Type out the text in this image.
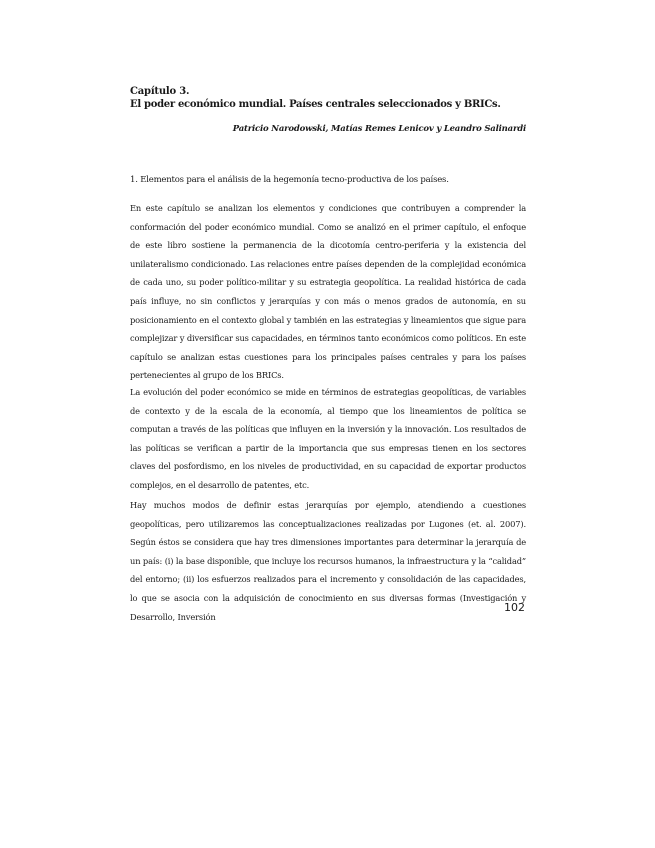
Capítulo 3.
El poder económico mundial. Países centrales seleccionados y BRICs.
Patricio Narodowski, Matías Remes Lenicov y Leandro Salinardi
1. Elementos para el análisis de la hegemonía tecno-productiva de los países.

En este capítulo se analizan los elementos y condiciones que contribuyen a comprender la conformación del poder económico mundial. Como se analizó en el primer capítulo, el enfoque de este libro sostiene la permanencia de la dicotomía centro-periferia y la existencia del unilateralismo condicionado. Las relaciones entre países dependen de la complejidad económica de cada uno, su poder político-militar y su estrategia geopolítica. La realidad histórica de cada país influye, no sin conflictos y jerarquías y con más o menos grados de autonomía, en su posicionamiento en el contexto global y también en las estrategias y lineamientos que sigue para complejizar y diversificar sus capacidades, en términos tanto económicos como políticos. En este capítulo se analizan estas cuestiones para los principales países centrales y para los países pertenecientes al grupo de los BRICs.

La evolución del poder económico se mide en términos de estrategias geopolíticas, de variables de contexto y de la escala de la economía, al tiempo que los lineamientos de política se computan a través de las políticas que influyen en la inversión y la innovación. Los resultados de las políticas se verifican a partir de la importancia que sus empresas tienen en los sectores claves del posfordismo, en los niveles de productividad, en su capacidad de exportar productos complejos, en el desarrollo de patentes, etc.

Hay muchos modos de definir estas jerarquías por ejemplo, atendiendo a cuestiones geopolíticas, pero utilizaremos las conceptualizaciones realizadas por Lugones (et. al. 2007). Según éstos se considera que hay tres dimensiones importantes para determinar la jerarquía de un país: (i) la base disponible, que incluye los recursos humanos, la infraestructura y la “calidad” del entorno; (ii) los esfuerzos realizados para el incremento y consolidación de las capacidades, lo que se asocia con la adquisición de conocimiento en sus diversas formas (Investigación y Desarrollo, Inversión

102
